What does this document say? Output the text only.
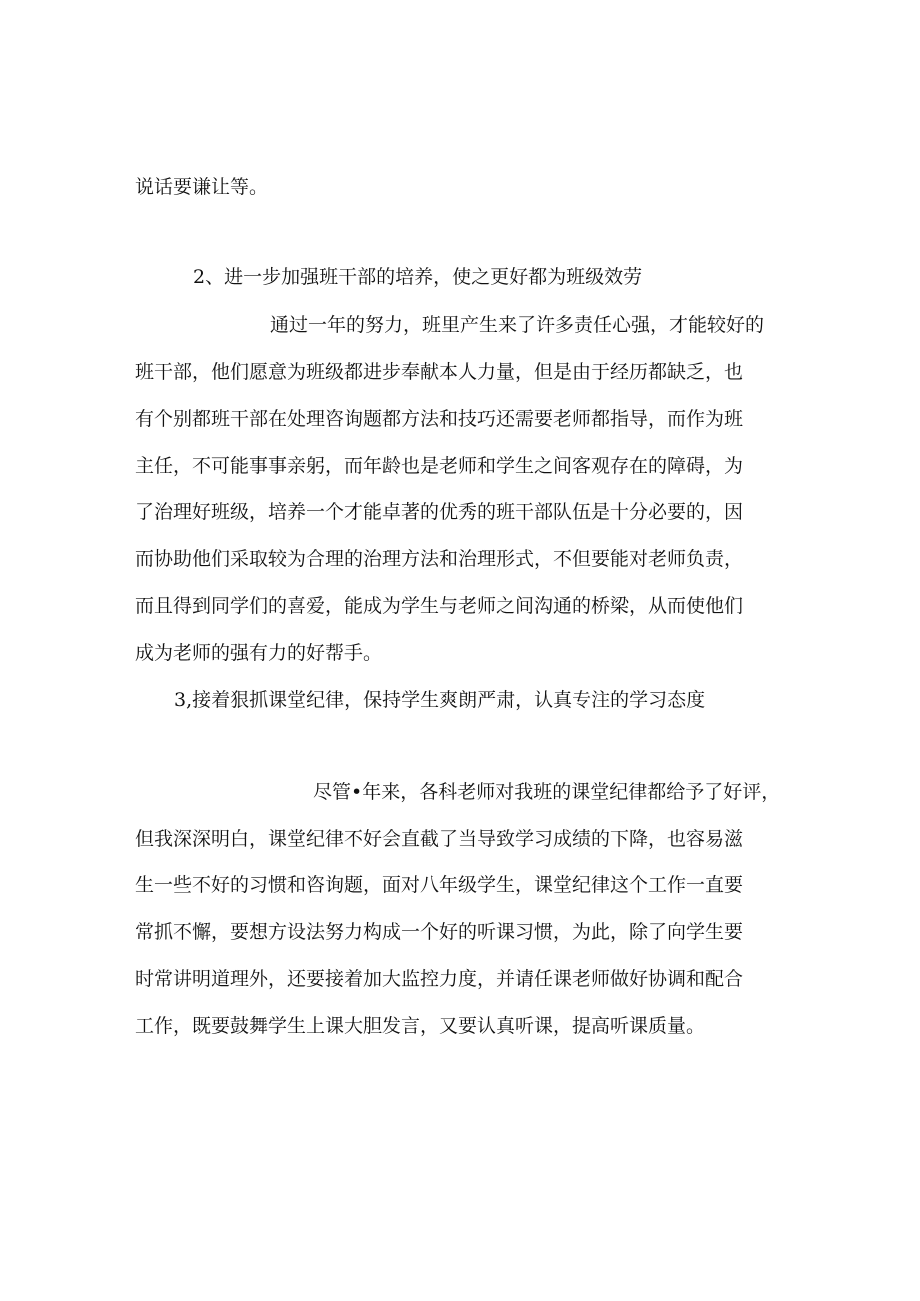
说话要谦让等。
2、进一步加强班干部的培养，使之更好都为班级效劳
通过一年的努力，班里产生来了许多责任心强，才能较好的
班干部，他们愿意为班级都进步奉献本人力量，但是由于经历都缺乏，也
有个别都班干部在处理咨询题都方法和技巧还需要老师都指导，而作为班
主任，不可能事事亲躬，而年龄也是老师和学生之间客观存在的障碍，为
了治理好班级，培养一个才能卓著的优秀的班干部队伍是十分必要的，因
而协助他们采取较为合理的治理方法和治理形式，不但要能对老师负责，
而且得到同学们的喜爱，能成为学生与老师之间沟通的桥梁，从而使他们
成为老师的强有力的好帮手。
3,接着狠抓课堂纪律，保持学生爽朗严肃，认真专注的学习态度
尽管•年来，各科老师对我班的课堂纪律都给予了好评，
但我深深明白，课堂纪律不好会直截了当导致学习成绩的下降，也容易滋
生一些不好的习惯和咨询题，面对八年级学生，课堂纪律这个工作一直要
常抓不懈，要想方设法努力构成一个好的听课习惯，为此，除了向学生要
时常讲明道理外，还要接着加大监控力度，并请任课老师做好协调和配合
工作，既要鼓舞学生上课大胆发言，又要认真听课，提高听课质量。
